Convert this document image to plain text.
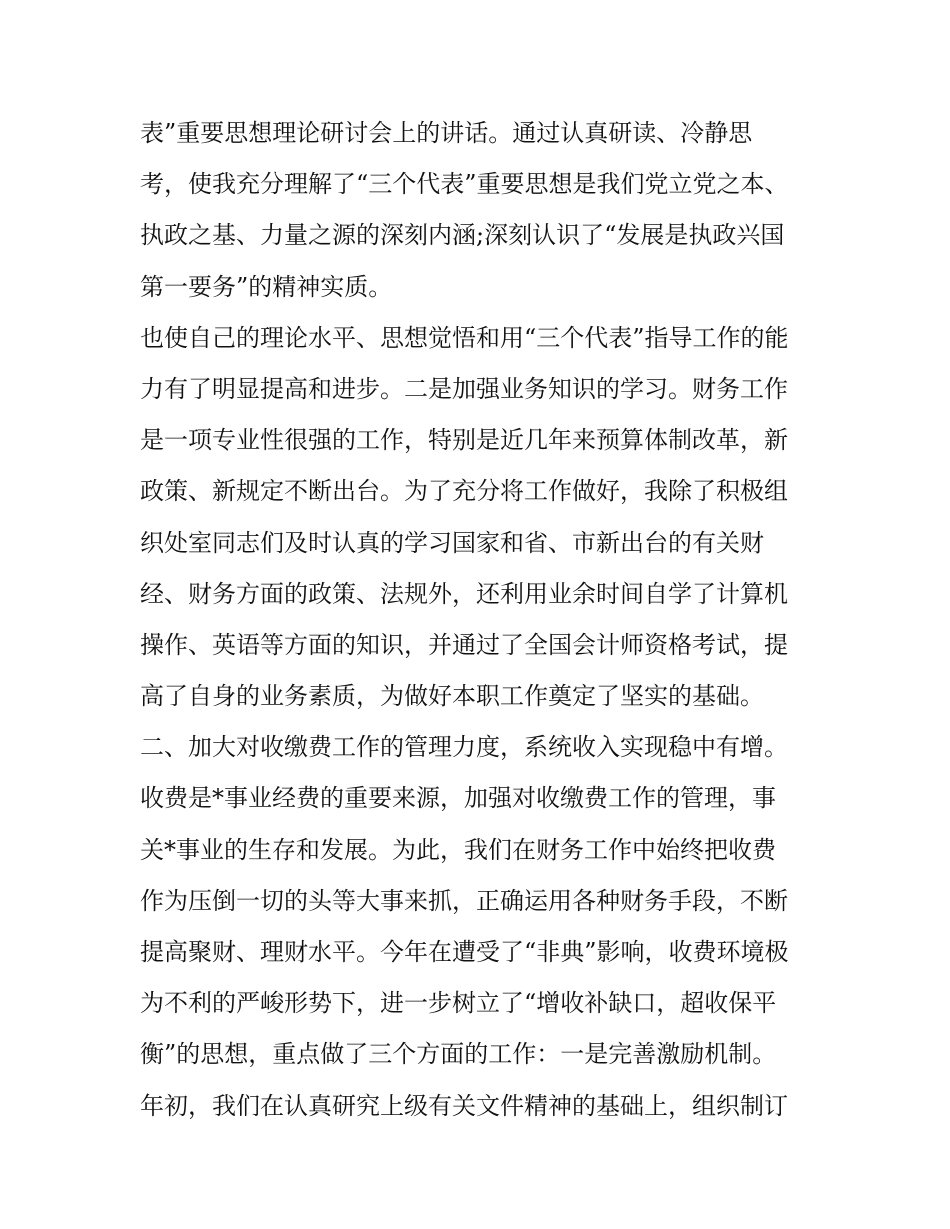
表”重要思想理论研讨会上的讲话。通过认真研读、冷静思
考，使我充分理解了“三个代表”重要思想是我们党立党之本、
执政之基、力量之源的深刻内涵;深刻认识了“发展是执政兴国
第一要务”的精神实质。
也使自己的理论水平、思想觉悟和用“三个代表”指导工作的能
力有了明显提高和进步。二是加强业务知识的学习。财务工作
是一项专业性很强的工作，特别是近几年来预算体制改革，新
政策、新规定不断出台。为了充分将工作做好，我除了积极组
织处室同志们及时认真的学习国家和省、市新出台的有关财
经、财务方面的政策、法规外，还利用业余时间自学了计算机
操作、英语等方面的知识，并通过了全国会计师资格考试，提
高了自身的业务素质，为做好本职工作奠定了坚实的基础。
二、加大对收缴费工作的管理力度，系统收入实现稳中有增。
收费是*事业经费的重要来源，加强对收缴费工作的管理，事
关*事业的生存和发展。为此，我们在财务工作中始终把收费
作为压倒一切的头等大事来抓，正确运用各种财务手段，不断
提高聚财、理财水平。今年在遭受了“非典”影响，收费环境极
为不利的严峻形势下，进一步树立了“增收补缺口，超收保平
衡”的思想，重点做了三个方面的工作：一是完善激励机制。
年初，我们在认真研究上级有关文件精神的基础上，组织制订
